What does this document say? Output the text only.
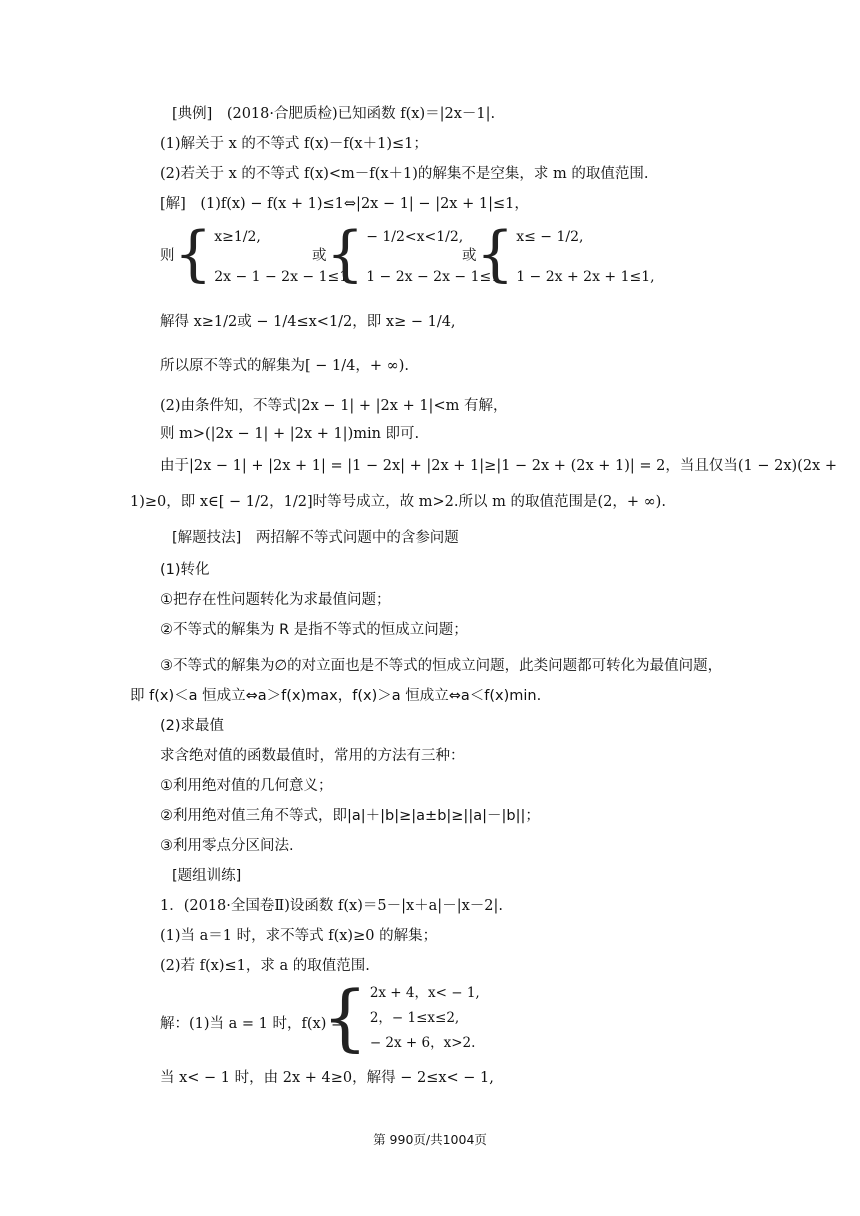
[典例]　(2018·合肥质检)已知函数 f(x)＝|2x－1|.
(1)解关于 x 的不等式 f(x)－f(x＋1)≤1；
(2)若关于 x 的不等式 f(x)<m－f(x＋1)的解集不是空集，求 m 的取值范围.
[解]　(1)f(x) − f(x + 1)≤1⇔|2x − 1| − |2x + 1|≤1，
则 { x≥1/2,
2x − 1 − 2x − 1≤1
或 { − 1/2<x<1/2,
1 − 2x − 2x − 1≤1
或 { x≤ − 1/2,
1 − 2x + 2x + 1≤1,
解得 x≥1/2或 − 1/4≤x<1/2，即 x≥ − 1/4,
所以原不等式的解集为[ − 1/4，+ ∞).
(2)由条件知，不等式|2x − 1| + |2x + 1|<m 有解，
则 m>(|2x − 1| + |2x + 1|)min 即可.
由于|2x − 1| + |2x + 1| = |1 − 2x| + |2x + 1|≥|1 − 2x + (2x + 1)| = 2，当且仅当(1 − 2x)(2x +
1)≥0，即 x∈[ − 1/2，1/2]时等号成立，故 m>2.所以 m 的取值范围是(2，+ ∞).
[解题技法]　两招解不等式问题中的含参问题
(1)转化
①把存在性问题转化为求最值问题；
②不等式的解集为 R 是指不等式的恒成立问题；
③不等式的解集为∅的对立面也是不等式的恒成立问题，此类问题都可转化为最值问题，
即 f(x)＜a 恒成立⇔a＞f(x)max，f(x)＞a 恒成立⇔a＜f(x)min.
(2)求最值
求含绝对值的函数最值时，常用的方法有三种：
①利用绝对值的几何意义；
②利用绝对值三角不等式，即|a|＋|b|≥|a±b|≥||a|－|b||；
③利用零点分区间法.
[题组训练]
1．(2018·全国卷Ⅱ)设函数 f(x)＝5－|x＋a|－|x－2|.
(1)当 a＝1 时，求不等式 f(x)≥0 的解集；
(2)若 f(x)≤1，求 a 的取值范围.
解：(1)当 a = 1 时，f(x) =
{ 2x + 4，x< − 1,
2，− 1≤x≤2,
− 2x + 6，x>2.
当 x< − 1 时，由 2x + 4≥0，解得 − 2≤x< − 1,
第 990页/共1004页
